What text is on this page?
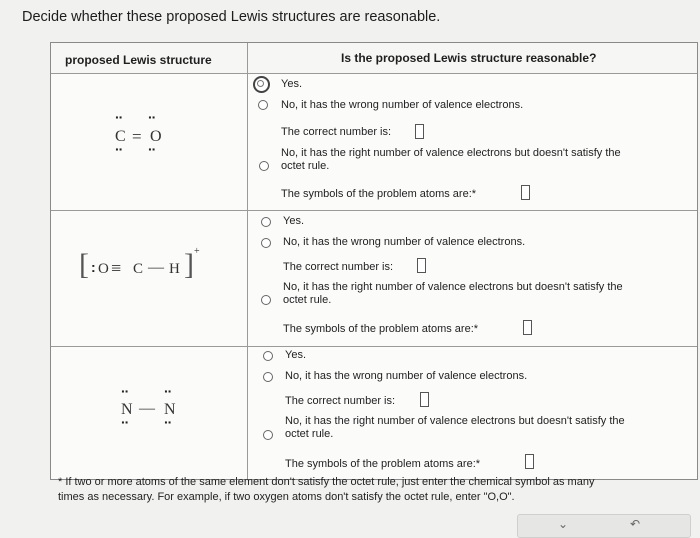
Decide whether these proposed Lewis structures are reasonable.
proposed Lewis structure	Is the proposed Lewis structure reasonable?
·· ··
C = O
·· ··
Yes.
No, it has the wrong number of valence electrons.
The correct number is:
No, it has the right number of valence electrons but doesn't satisfy the
octet rule.
The symbols of the problem atoms are:*
[ : O ≡ C — H ] +
Yes.
No, it has the wrong number of valence electrons.
The correct number is:
No, it has the right number of valence electrons but doesn't satisfy the
octet rule.
The symbols of the problem atoms are:*
··	··
N — N
··	··
Yes.
No, it has the wrong number of valence electrons.
The correct number is:
No, it has the right number of valence electrons but doesn't satisfy the
octet rule.
The symbols of the problem atoms are:*
* If two or more atoms of the same element don't satisfy the octet rule, just enter the chemical symbol as many
times as necessary. For example, if two oxygen atoms don't satisfy the octet rule, enter "O,O".
⌄	↶
